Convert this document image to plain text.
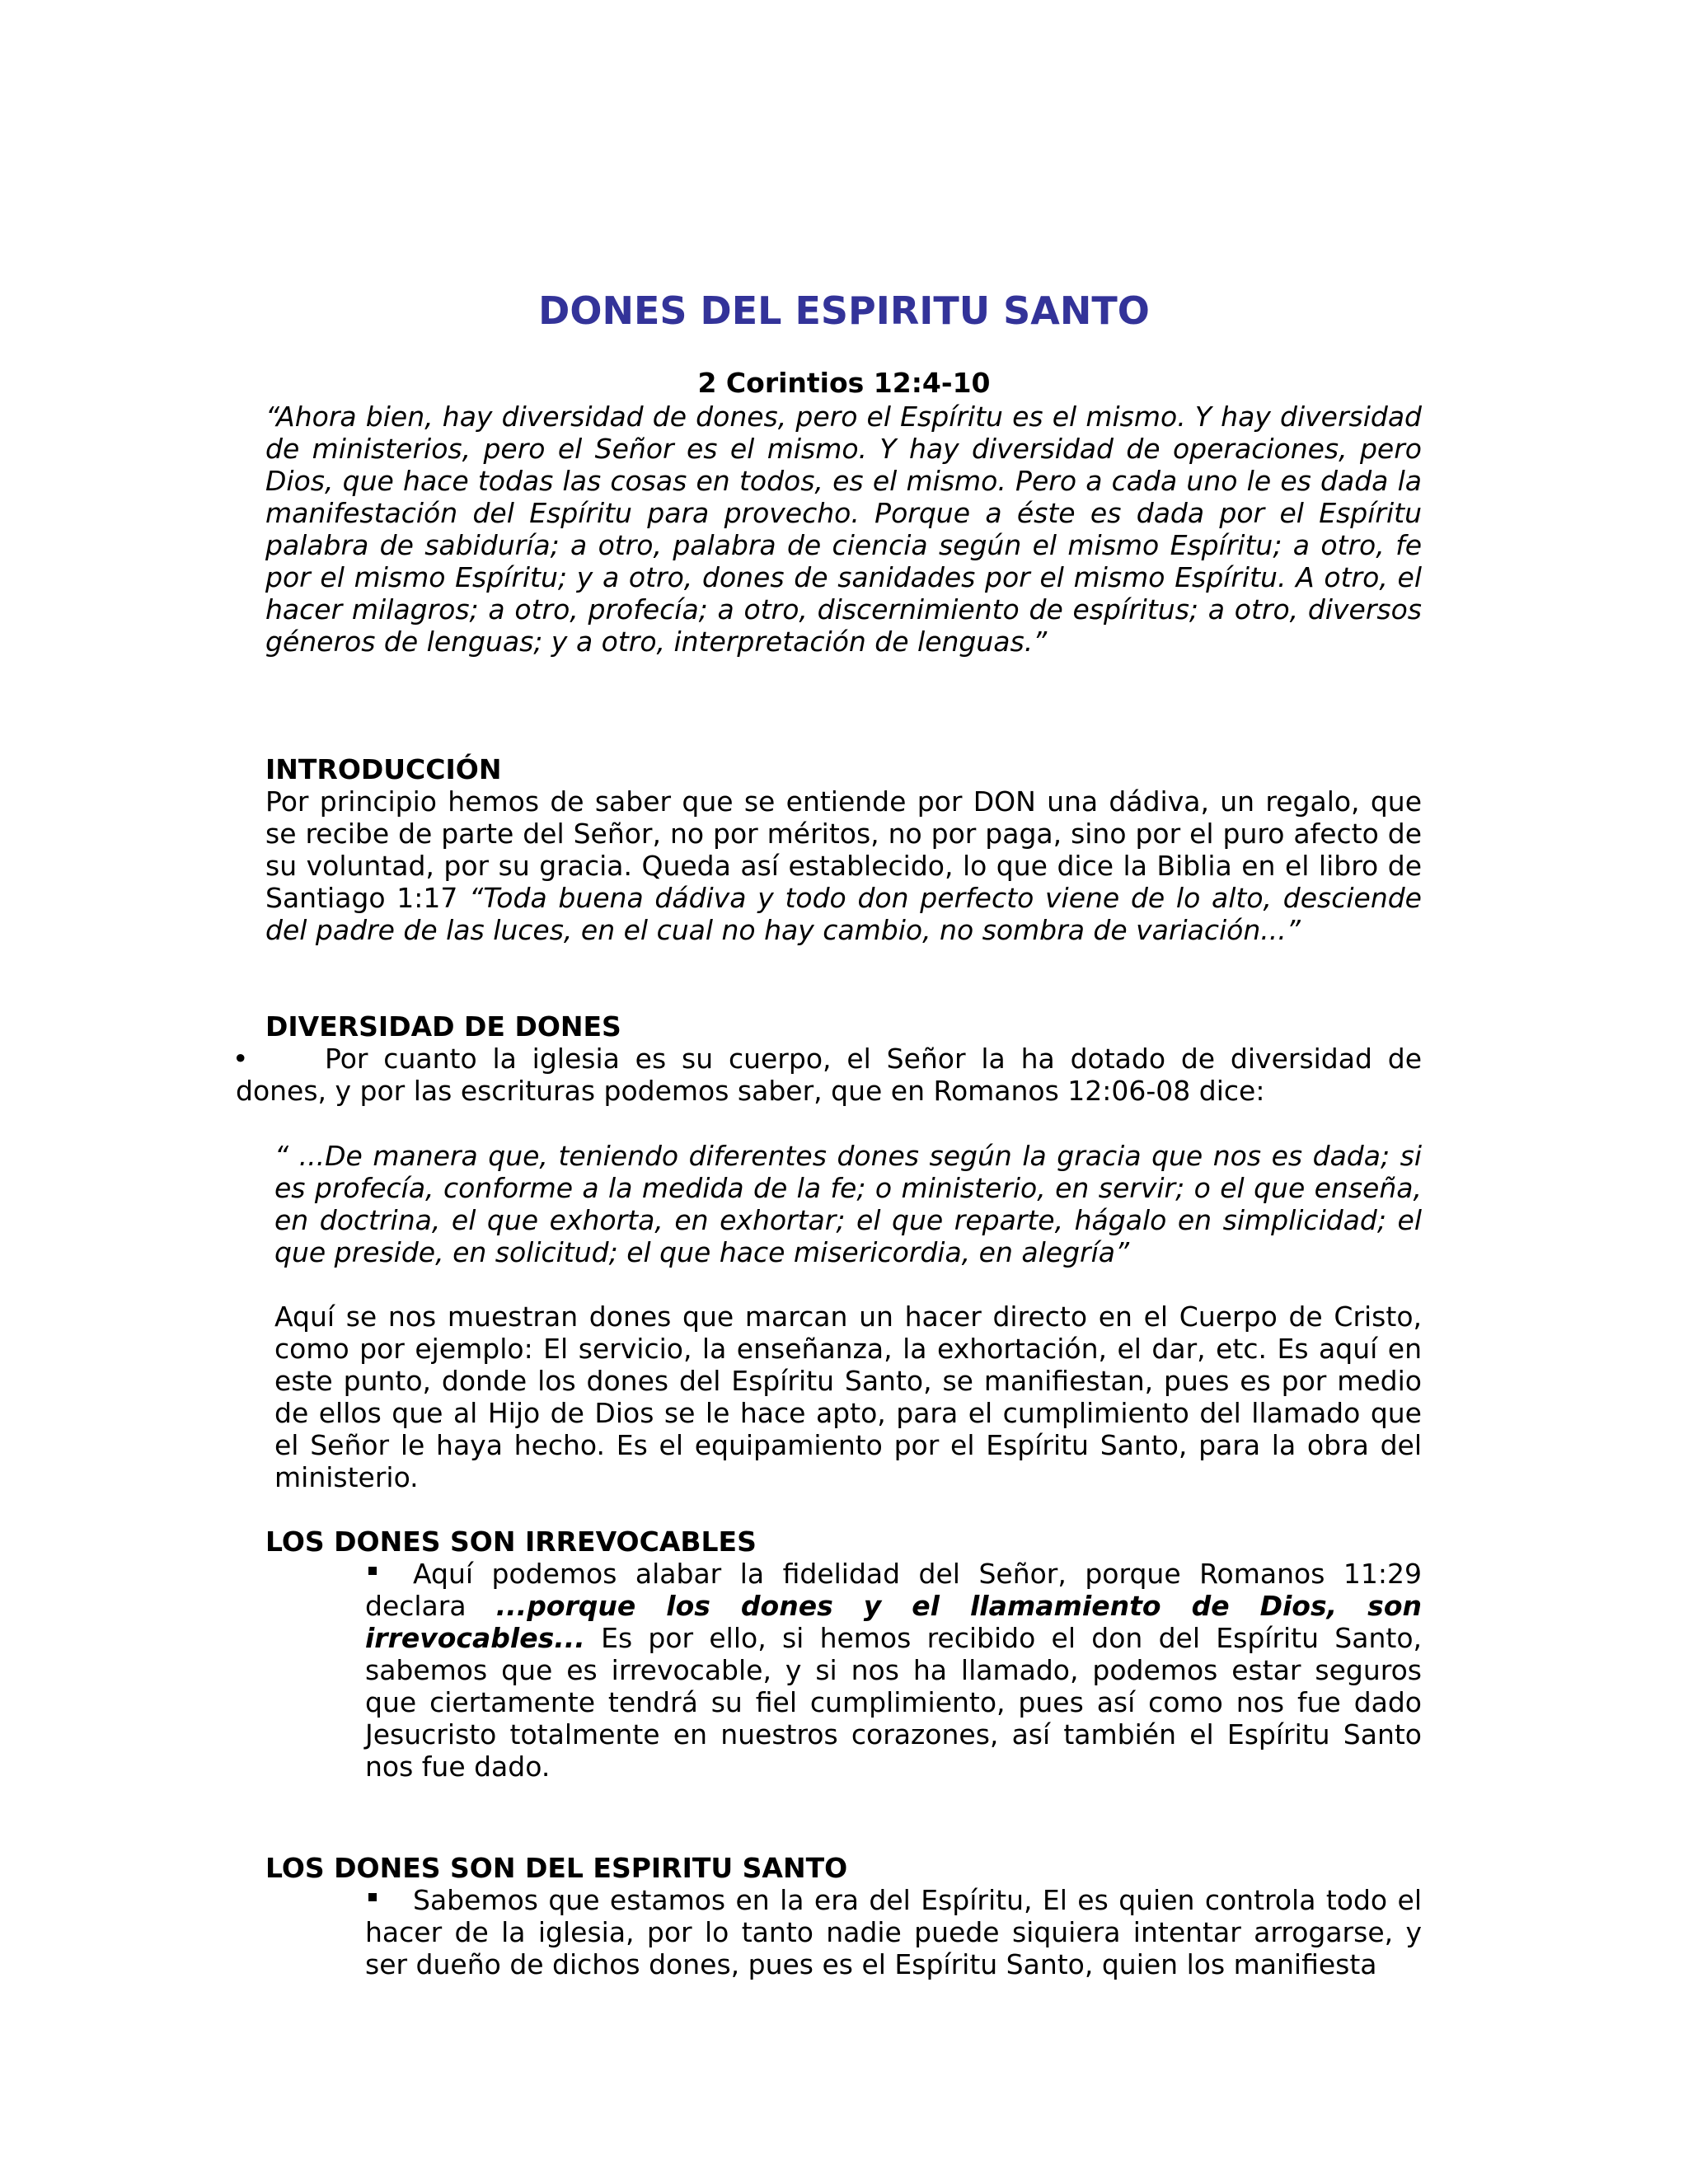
DONES DEL ESPIRITU SANTO
2 Corintios 12:4-10

“Ahora bien, hay diversidad de dones, pero el Espíritu es el mismo. Y hay diversidad de ministerios, pero el Señor es el mismo. Y hay diversidad de operaciones, pero Dios, que hace todas las cosas en todos, es el mismo. Pero a cada uno le es dada la manifestación del Espíritu para provecho. Porque a éste es dada por el Espíritu palabra de sabiduría; a otro, palabra de ciencia según el mismo Espíritu; a otro, fe por el mismo Espíritu; y a otro, dones de sanidades por el mismo Espíritu. A otro, el hacer milagros; a otro, profecía; a otro, discernimiento de espíritus; a otro, diversos géneros de lenguas; y a otro, interpretación de lenguas.”

INTRODUCCIÓN

Por principio hemos de saber que se entiende por DON una dádiva, un regalo, que se recibe de parte del Señor, no por méritos, no por paga, sino por el puro afecto de su voluntad, por su gracia. Queda así establecido, lo que dice la Biblia en el libro de Santiago 1:17 “Toda buena dádiva y todo don perfecto viene de lo alto, desciende del padre de las luces, en el cual no hay cambio, no sombra de variación...”

DIVERSIDAD DE DONES
•	Por cuanto la iglesia es su cuerpo, el Señor la ha dotado de diversidad de dones, y por las escrituras podemos saber, que en Romanos 12:06-08 dice:

“ ...De manera que, teniendo diferentes dones según la gracia que nos es dada; si es profecía, conforme a la medida de la fe; o ministerio, en servir; o el que enseña, en doctrina, el que exhorta, en exhortar; el que reparte, hágalo en simplicidad; el que preside, en solicitud; el que hace misericordia, en alegría”

Aquí se nos muestran dones que marcan un hacer directo en el Cuerpo de Cristo, como por ejemplo: El servicio, la enseñanza, la exhortación, el dar, etc. Es aquí en este punto, donde los dones del Espíritu Santo, se manifiestan, pues es por medio de ellos que al Hijo de Dios se le hace apto, para el cumplimiento del llamado que el Señor le haya hecho. Es el equipamiento por el Espíritu Santo, para la obra del ministerio.

LOS DONES SON IRREVOCABLES

Aquí podemos alabar la fidelidad del Señor, porque Romanos 11:29 declara ...porque los dones y el llamamiento de Dios, son irrevocables... Es por ello, si hemos recibido el don del Espíritu Santo, sabemos que es irrevocable, y si nos ha llamado, podemos estar seguros que ciertamente tendrá su fiel cumplimiento, pues así como nos fue dado Jesucristo totalmente en nuestros corazones, así también el Espíritu Santo nos fue dado.

LOS DONES SON DEL ESPIRITU SANTO

Sabemos que estamos en la era del Espíritu, El es quien controla todo el hacer de la iglesia, por lo tanto nadie puede siquiera intentar arrogarse, y ser dueño de dichos dones, pues es el Espíritu Santo, quien los manifiesta
